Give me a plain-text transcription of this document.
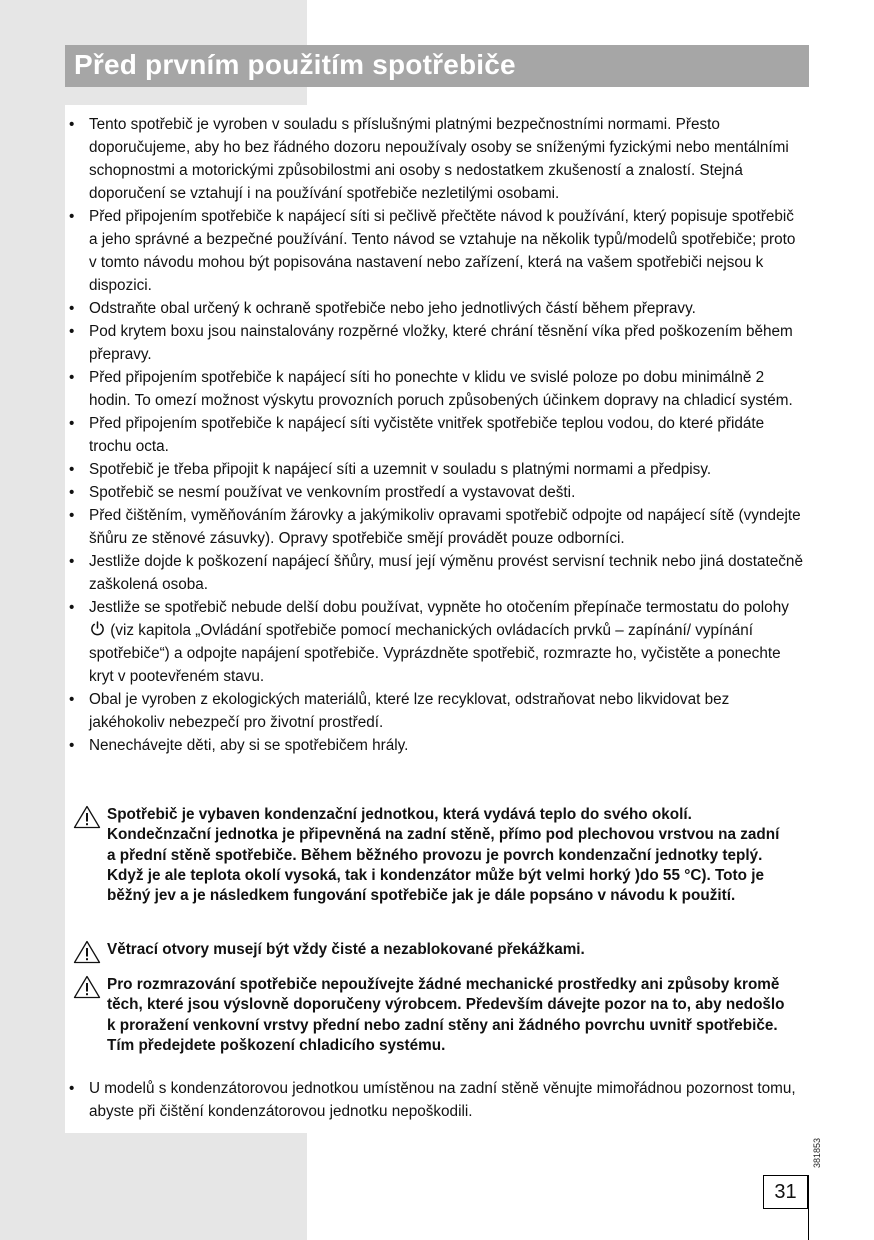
Před prvním použitím spotřebiče
• Tento spotřebič je vyroben v souladu s příslušnými platnými bezpečnostními normami. Přesto doporučujeme, aby ho bez řádného dozoru nepoužívaly osoby se sníženými fyzickými nebo mentálními schopnostmi a motorickými způsobilostmi ani osoby s nedostatkem zkušeností a znalostí. Stejná doporučení se vztahují i na používání spotřebiče nezletilými osobami.
• Před připojením spotřebiče k napájecí síti si pečlivě přečtěte návod k používání, který popisuje spotřebič a jeho správné a bezpečné používání. Tento návod se vztahuje na několik typů/modelů spotřebiče; proto v tomto návodu mohou být popisována nastavení nebo zařízení, která na vašem spotřebiči nejsou k dispozici.
• Odstraňte obal určený k ochraně spotřebiče nebo jeho jednotlivých částí během přepravy.
• Pod krytem boxu jsou nainstalovány rozpěrné vložky, které chrání těsnění víka před poškozením během přepravy.
• Před připojením spotřebiče k napájecí síti ho ponechte v klidu ve svislé poloze po dobu minimálně 2 hodin. To omezí možnost výskytu provozních poruch způsobených účinkem dopravy na chladicí systém.
• Před připojením spotřebiče k napájecí síti vyčistěte vnitřek spotřebiče teplou vodou, do které přidáte trochu octa.
• Spotřebič je třeba připojit k napájecí síti a uzemnit v souladu s platnými normami a předpisy.
• Spotřebič se nesmí používat ve venkovním prostředí a vystavovat dešti.
• Před čištěním, vyměňováním žárovky a jakýmikoliv opravami spotřebič odpojte od napájecí sítě (vyndejte šňůru ze stěnové zásuvky). Opravy spotřebiče smějí provádět pouze odborníci.
• Jestliže dojde k poškození napájecí šňůry, musí její výměnu provést servisní technik nebo jiná dostatečně zaškolená osoba.
• Jestliže se spotřebič nebude delší dobu používat, vypněte ho otočením přepínače termostatu do polohy  (viz kapitola „Ovládání spotřebiče pomocí mechanických ovládacích prvků – zapínání/ vypínání spotřebiče“) a odpojte napájení spotřebiče. Vyprázdněte spotřebič, rozmrazte ho, vyčistěte a ponechte kryt v pootevřeném stavu.
• Obal je vyroben z ekologických materiálů, které lze recyklovat, odstraňovat nebo likvidovat bez jakéhokoliv nebezpečí pro životní prostředí.
• Nenechávejte děti, aby si se spotřebičem hrály.

Spotřebič je vybaven kondenzační jednotkou, která vydává teplo do svého okolí. Kondečnzační jednotka je připevněná na zadní stěně, přímo pod plechovou vrstvou na zadní a přední stěně spotřebiče. Během běžného provozu je povrch kondenzační jednotky teplý. Když je ale teplota okolí vysoká, tak i kondenzátor může být velmi horký )do 55 °C). Toto je běžný jev a je následkem fungování spotřebiče jak je dále popsáno v návodu k použití.

Větrací otvory musejí být vždy čisté a nezablokované překážkami.

Pro rozmrazování spotřebiče nepoužívejte žádné mechanické prostředky ani způsoby kromě těch, které jsou výslovně doporučeny výrobcem. Především dávejte pozor na to, aby nedošlo k proražení venkovní vrstvy přední nebo zadní stěny ani žádného povrchu uvnitř spotřebiče. Tím předejdete poškození chladicího systému.

• U modelů s kondenzátorovou jednotkou umístěnou na zadní stěně věnujte mimořádnou pozornost tomu, abyste při čištění kondenzátorovou jednotku nepoškodili.
381853
31
